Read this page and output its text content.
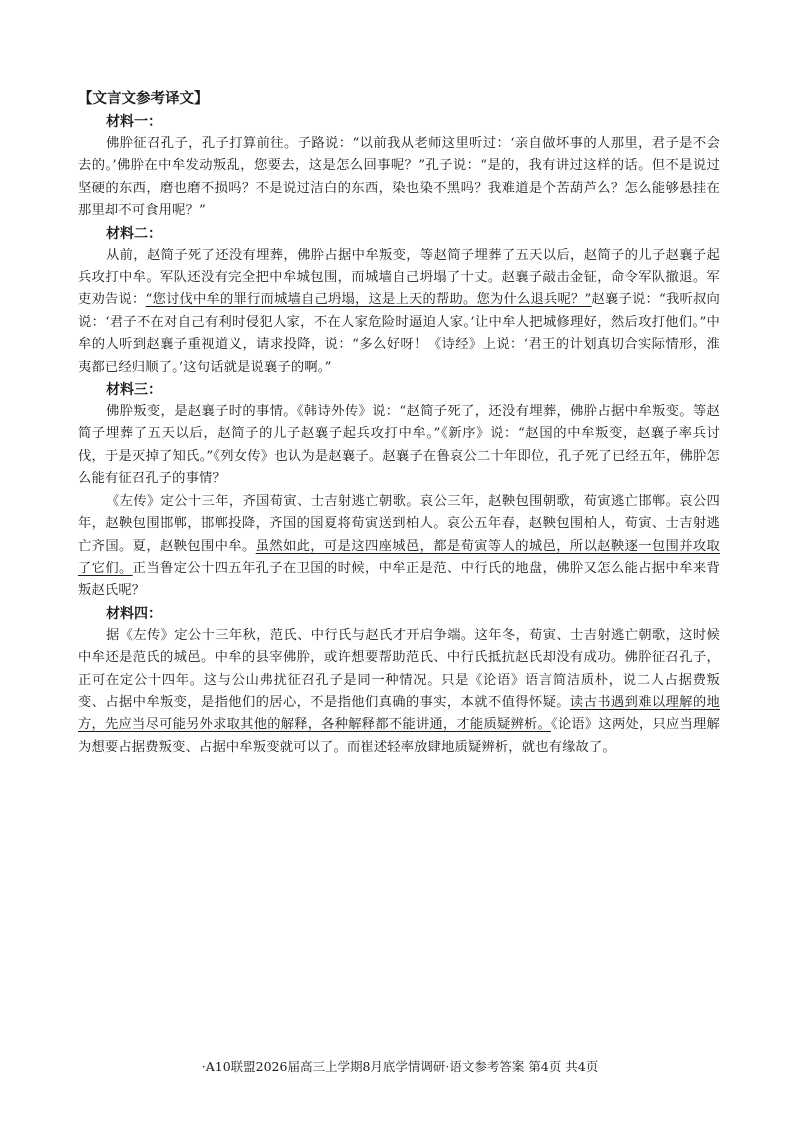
【文言文参考译文】

材料一：

佛肸征召孔子，孔子打算前往。子路说：“以前我从老师这里听过：‘亲自做坏事的人那里，君子是不会去的。’佛肸在中牟发动叛乱，您要去，这是怎么回事呢？”孔子说：“是的，我有讲过这样的话。但不是说过坚硬的东西，磨也磨不损吗？不是说过洁白的东西，染也染不黑吗？我难道是个苦葫芦么？怎么能够悬挂在那里却不可食用呢？”

材料二：

从前，赵简子死了还没有埋葬，佛肸占据中牟叛变，等赵简子埋葬了五天以后，赵简子的儿子赵襄子起兵攻打中牟。军队还没有完全把中牟城包围，而城墙自己坍塌了十丈。赵襄子敲击金钲，命令军队撤退。军吏劝告说：“您讨伐中牟的罪行而城墙自己坍塌，这是上天的帮助。您为什么退兵呢？”赵襄子说：“我听叔向说：‘君子不在对自己有利时侵犯人家，不在人家危险时逼迫人家。’让中牟人把城修理好，然后攻打他们。”中牟的人听到赵襄子重视道义，请求投降，说：“多么好呀！《诗经》上说：‘君王的计划真切合实际情形，淮夷都已经归顺了。’这句话就是说襄子的啊。”

材料三：

佛肸叛变，是赵襄子时的事情。《韩诗外传》说：“赵简子死了，还没有埋葬，佛肸占据中牟叛变。等赵简子埋葬了五天以后，赵简子的儿子赵襄子起兵攻打中牟。”《新序》说：“赵国的中牟叛变，赵襄子率兵讨伐，于是灭掉了知氏。”《列女传》也认为是赵襄子。赵襄子在鲁哀公二十年即位，孔子死了已经五年，佛肸怎么能有征召孔子的事情？

《左传》定公十三年，齐国荀寅、士吉射逃亡朝歌。哀公三年，赵鞅包围朝歌，荀寅逃亡邯郸。哀公四年，赵鞅包围邯郸，邯郸投降，齐国的国夏将荀寅送到柏人。哀公五年春，赵鞅包围柏人，荀寅、士吉射逃亡齐国。夏，赵鞅包围中牟。虽然如此，可是这四座城邑，都是荀寅等人的城邑，所以赵鞅逐一包围并攻取了它们。正当鲁定公十四五年孔子在卫国的时候，中牟正是范、中行氏的地盘，佛肸又怎么能占据中牟来背叛赵氏呢？

材料四：

据《左传》定公十三年秋，范氏、中行氏与赵氏才开启争端。这年冬，荀寅、士吉射逃亡朝歌，这时候中牟还是范氏的城邑。中牟的县宰佛肸，或许想要帮助范氏、中行氏抵抗赵氏却没有成功。佛肸征召孔子，正可在定公十四年。这与公山弗扰征召孔子是同一种情况。只是《论语》语言简洁质朴，说二人占据费叛变、占据中牟叛变，是指他们的居心，不是指他们真确的事实，本就不值得怀疑。读古书遇到难以理解的地方，先应当尽可能另外求取其他的解释，各种解释都不能讲通，才能质疑辨析。《论语》这两处，只应当理解为想要占据费叛变、占据中牟叛变就可以了。而崔述轻率放肆地质疑辨析，就也有缘故了。

·A10联盟2026届高三上学期8月底学情调研·语文参考答案 第4页 共4页
